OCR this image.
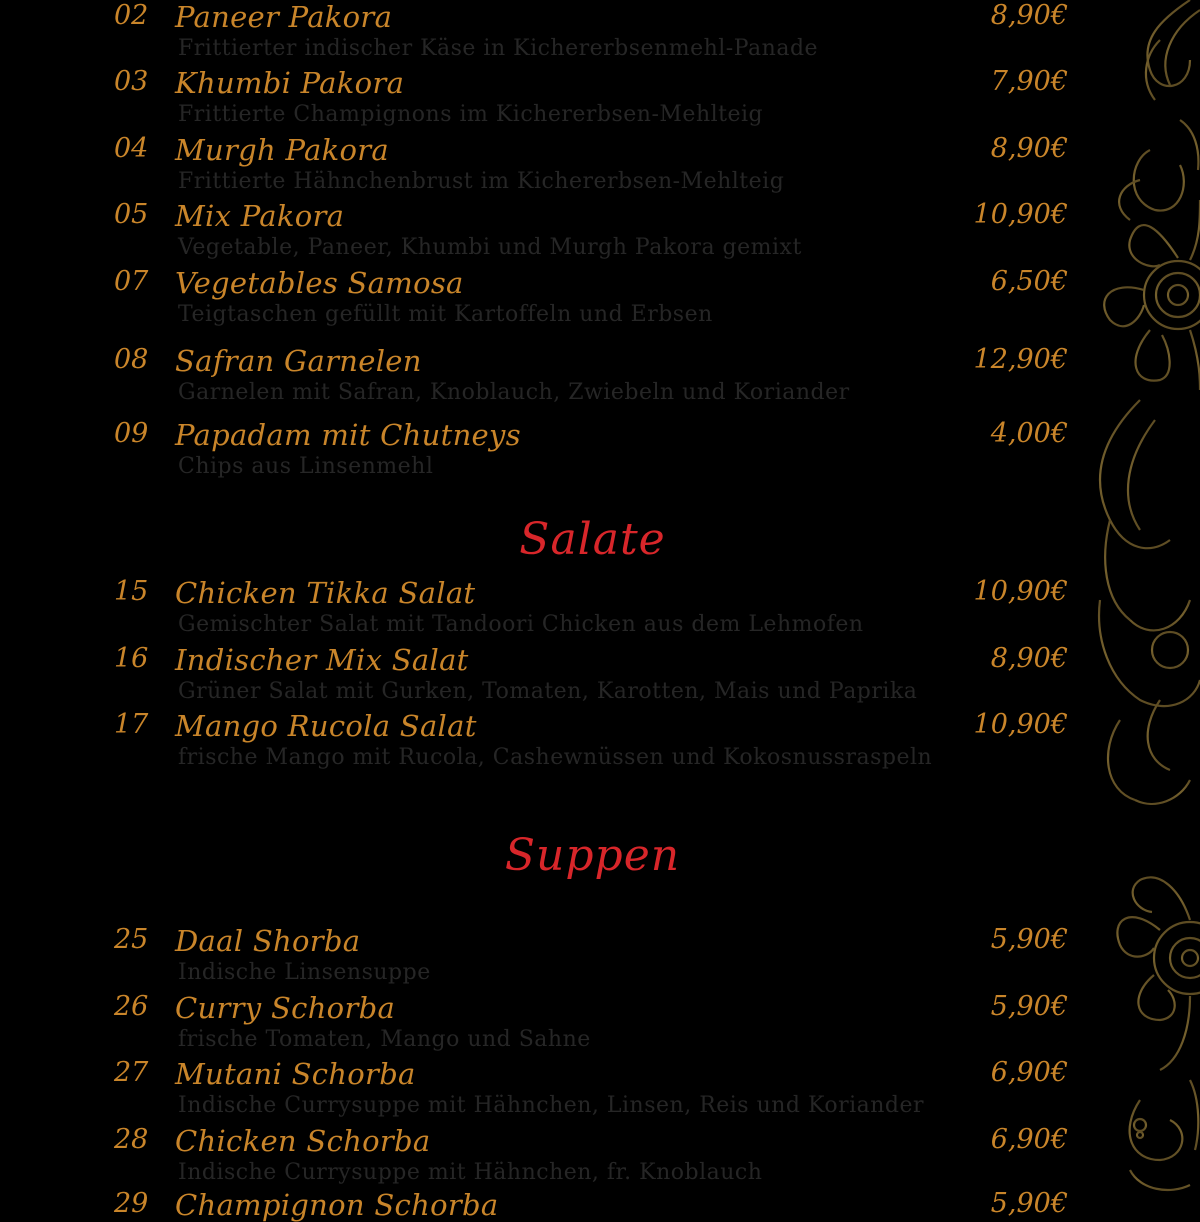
02 Paneer Pakora	8,90€
Frittierter indischer Käse in Kichererbsenmehl-Panade
03 Khumbi Pakora	7,90€
Frittierte Champignons im Kichererbsen-Mehlteig
04 Murgh Pakora	8,90€
Frittierte Hähnchenbrust im Kichererbsen-Mehlteig
05 Mix Pakora	10,90€
Vegetable, Paneer, Khumbi und Murgh Pakora gemixt
07 Vegetables Samosa	6,50€
Teigtaschen gefüllt mit Kartoffeln und Erbsen
08 Safran Garnelen	12,90€
Garnelen mit Safran, Knoblauch, Zwiebeln und Koriander
09 Papadam mit Chutneys	4,00€
Chips aus Linsenmehl
Salate
15 Chicken Tikka Salat	10,90€
Gemischter Salat mit Tandoori Chicken aus dem Lehmofen
16 Indischer Mix Salat	8,90€
Grüner Salat mit Gurken, Tomaten, Karotten, Mais und Paprika
17 Mango Rucola Salat	10,90€
frische Mango mit Rucola, Cashewnüssen und Kokosnussraspeln
Suppen
25 Daal Shorba	5,90€
Indische Linsensuppe
26 Curry Schorba	5,90€
frische Tomaten, Mango und Sahne
27 Mutani Schorba	6,90€
Indische Currysuppe mit Hähnchen, Linsen, Reis und Koriander
28 Chicken Schorba	6,90€
Indische Currysuppe mit Hähnchen, fr. Knoblauch
29 Champignon Schorba	5,90€
